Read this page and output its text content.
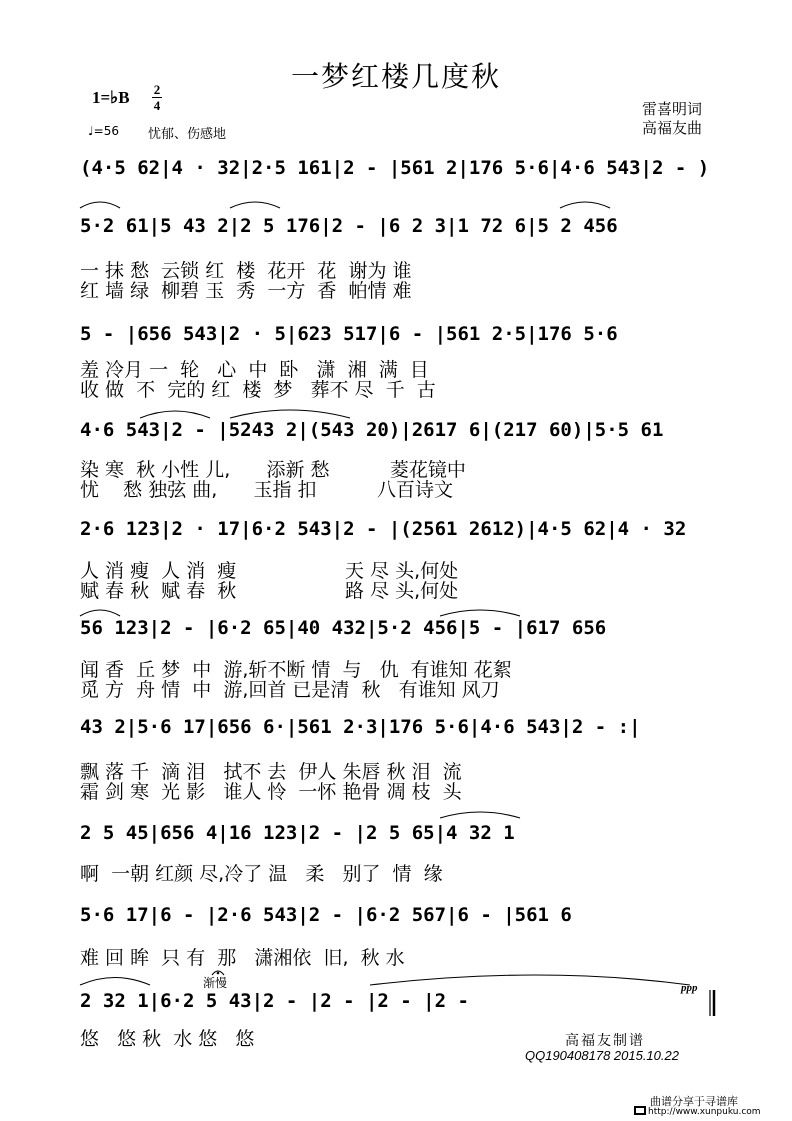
一梦红楼几度秋
1=♭B 2
4
♩=56 忧郁、伤感地
雷喜明词
高福友曲
(4·5 62|4 · 32|2·5 161|2 - |561 2|176 5·6|4·6 543|2 - )
5·2 61|5 43 2|2 5 176|2 - |6 2 3|1 72 6|5 2 456
一 抹 愁  云锁 红  楼  花开  花  谢为 谁
红 墙 绿  柳碧 玉  秀  一方  香  帕情 难
5 - |656 543|2 · 5|623 517|6 - |561 2·5|176 5·6
羞 冷月 一  轮   心  中  卧   潇  湘  满  目
收 做  不  完的 红  楼  梦   葬不 尽  千  古
4·6 543|2 - |5243 2|(543 20)|2617 6|(217 60)|5·5 61
染 寒  秋 小性 儿,      添新 愁          菱花镜中
忧    愁 独弦 曲,      玉指 扣          八百诗文
2·6 123|2 · 17|6·2 543|2 - |(2561 2612)|4·5 62|4 · 32
人 消 瘦  人 消  瘦                  天 尽 头,何处
赋 春 秋  赋 春  秋                  路 尽 头,何处
56 123|2 - |6·2 65|40 432|5·2 456|5 - |617 656
闻 香  丘 梦  中  游,斩不断 情  与   仇  有谁知 花絮
觅 方  舟 情  中  游,回首 已是清  秋   有谁知 风刀
43 2|5·6 17|656 6·|561 2·3|176 5·6|4·6 543|2 - :|
飘 落 千  滴 泪   拭不 去  伊人 朱唇 秋 泪  流
霜 剑 寒  光 影   谁人 怜  一怀 艳骨 凋 枝  头
2 5 45|656 4|16 123|2 - |2 5 65|4 32 1
啊  一朝 红颜 尽,冷了 温   柔   别了  情  缘
5·6 17|6 - |2·6 543|2 - |6·2 567|6 - |561 6
难 回 眸  只 有  那   潇湘依  旧,  秋 水
2 32 1|6·2 5 43|2 - |2 - |2 - |2 -
悠   悠 秋  水 悠   悠
渐慢	ppp
高福友制谱
QQ190408178 2015.10.22
曲谱分享于寻谱库
http://www.xunpuku.com
